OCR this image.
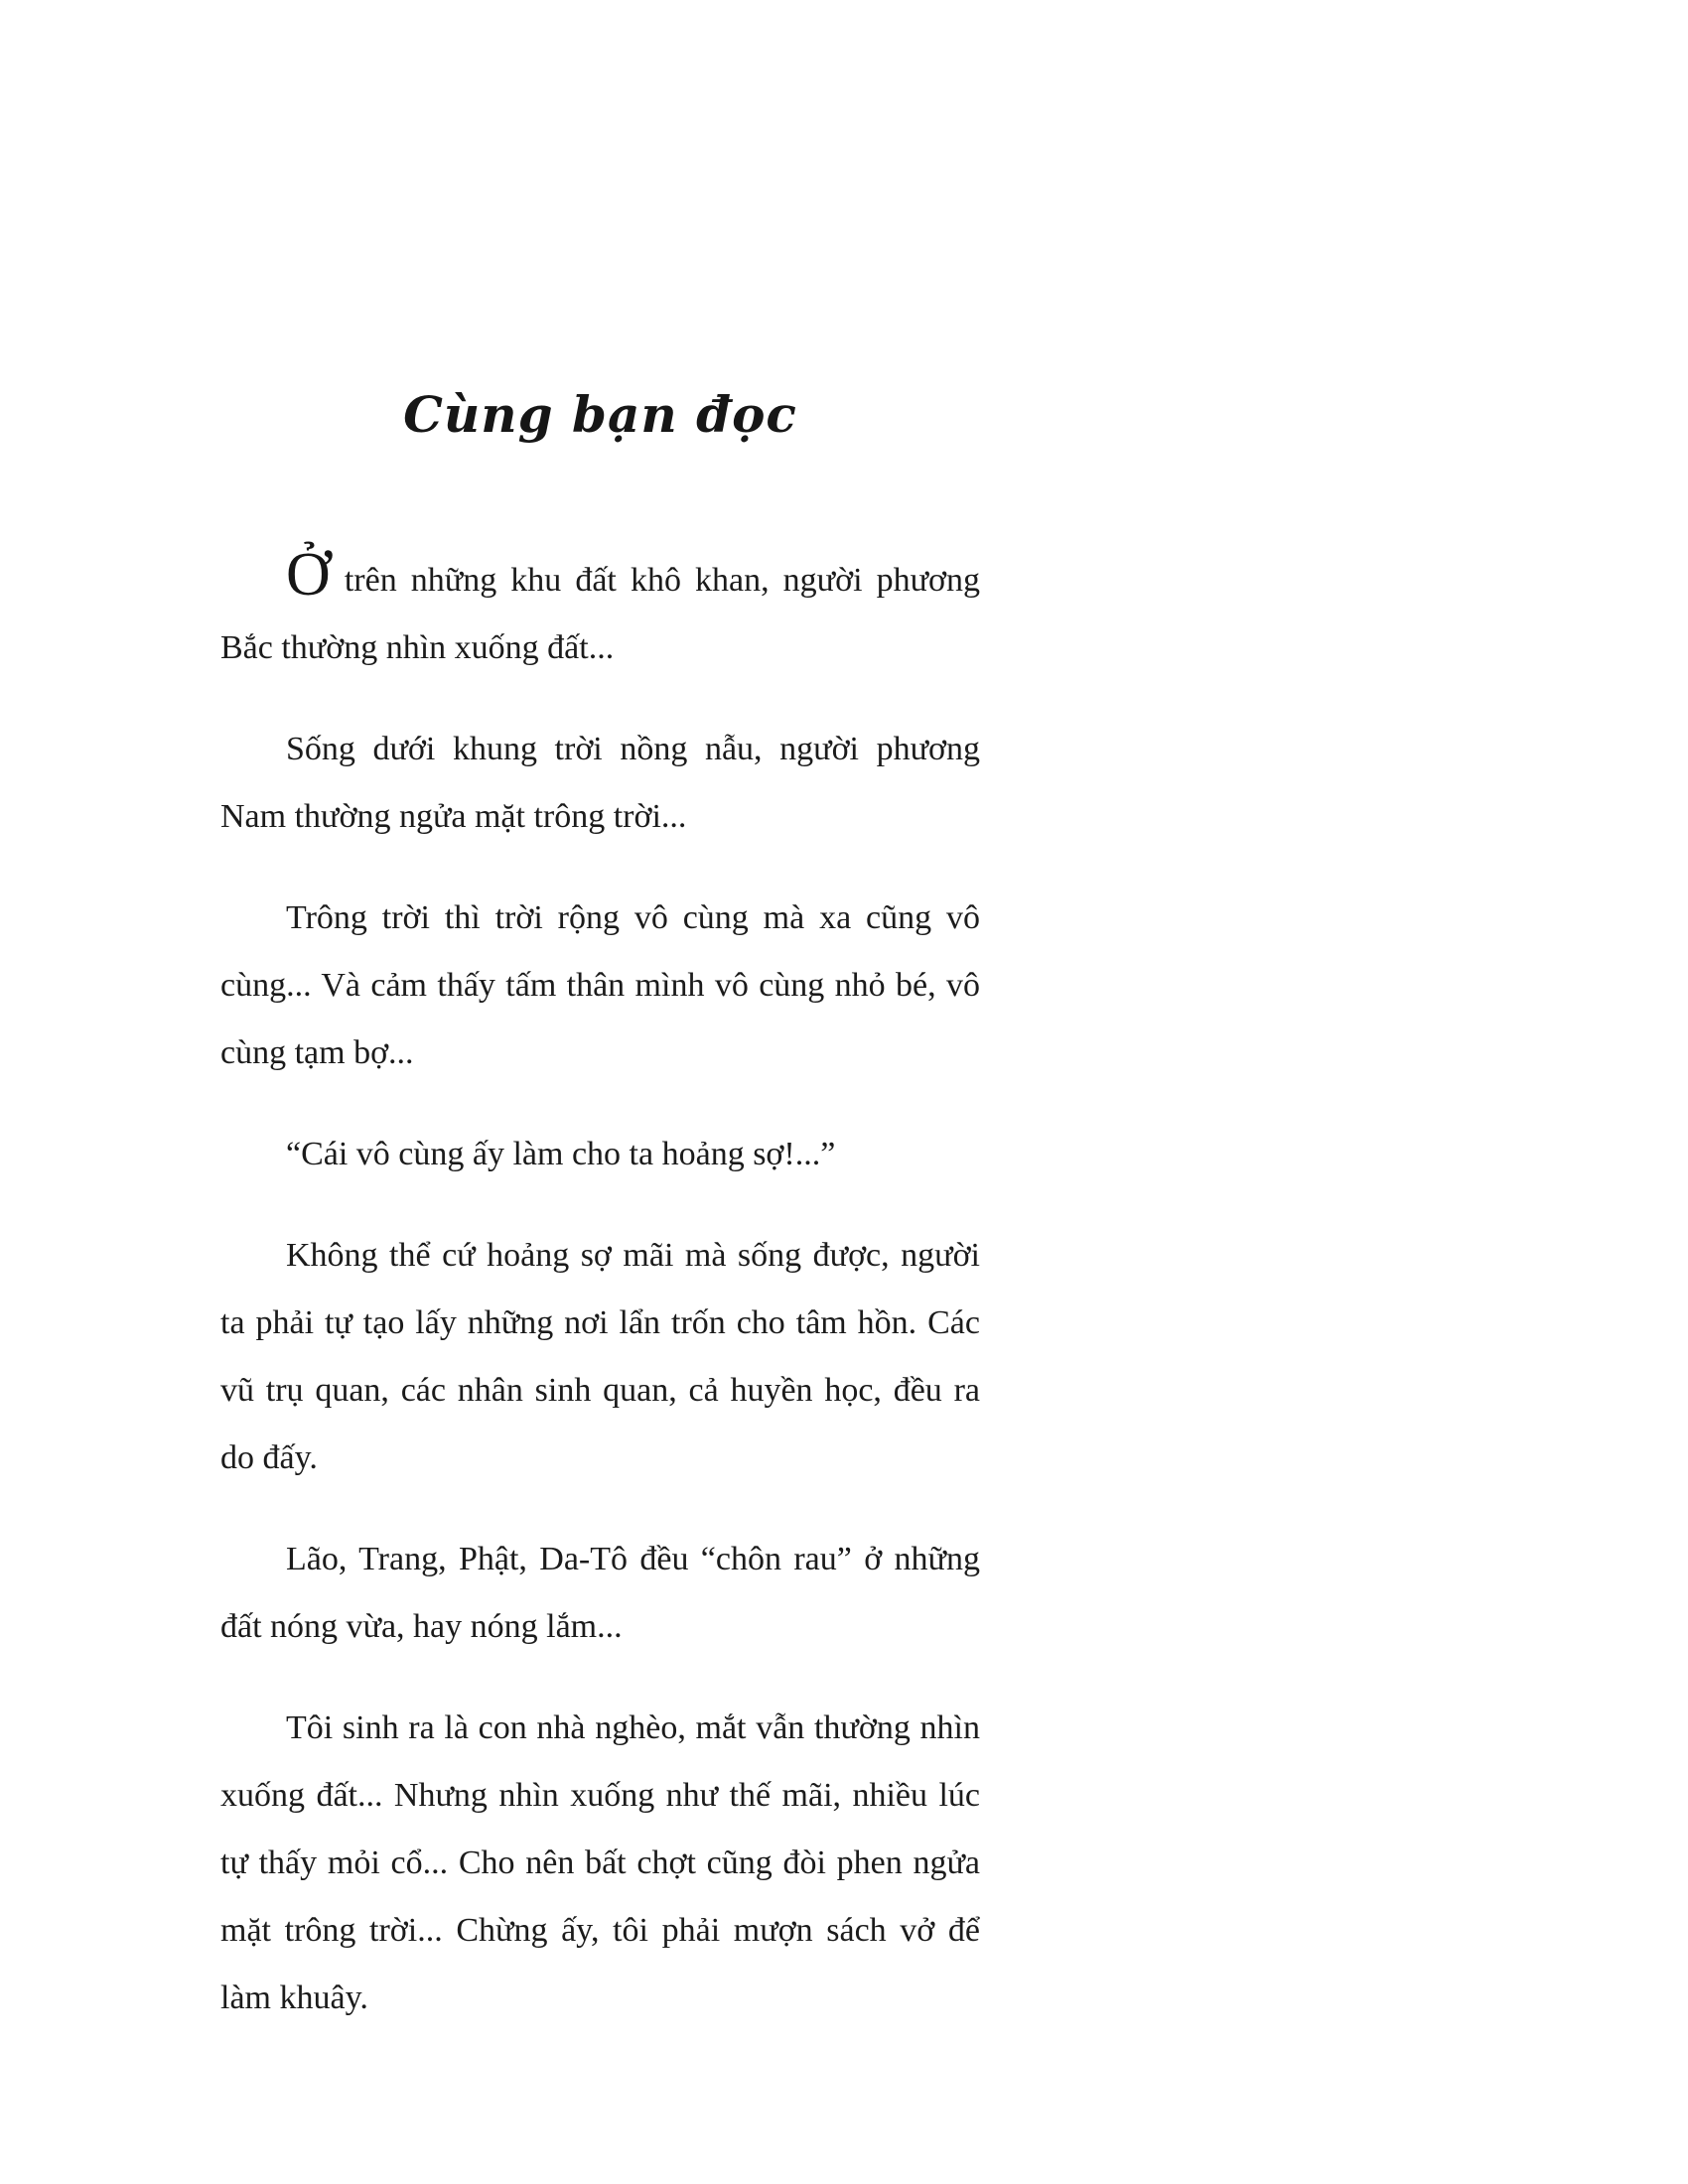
Cùng bạn đọc

Ở trên những khu đất khô khan, người phương Bắc thường nhìn xuống đất...

Sống dưới khung trời nồng nẫu, người phương Nam thường ngửa mặt trông trời...

Trông trời thì trời rộng vô cùng mà xa cũng vô cùng... Và cảm thấy tấm thân mình vô cùng nhỏ bé, vô cùng tạm bợ...

“Cái vô cùng ấy làm cho ta hoảng sợ!...”

Không thể cứ hoảng sợ mãi mà sống được, người ta phải tự tạo lấy những nơi lẩn trốn cho tâm hồn. Các vũ trụ quan, các nhân sinh quan, cả huyền học, đều ra do đấy.

Lão, Trang, Phật, Da-Tô đều “chôn rau” ở những đất nóng vừa, hay nóng lắm...

Tôi sinh ra là con nhà nghèo, mắt vẫn thường nhìn xuống đất... Nhưng nhìn xuống như thế mãi, nhiều lúc tự thấy mỏi cổ... Cho nên bất chợt cũng đòi phen ngửa mặt trông trời... Chừng ấy, tôi phải mượn sách vở để làm khuây.
